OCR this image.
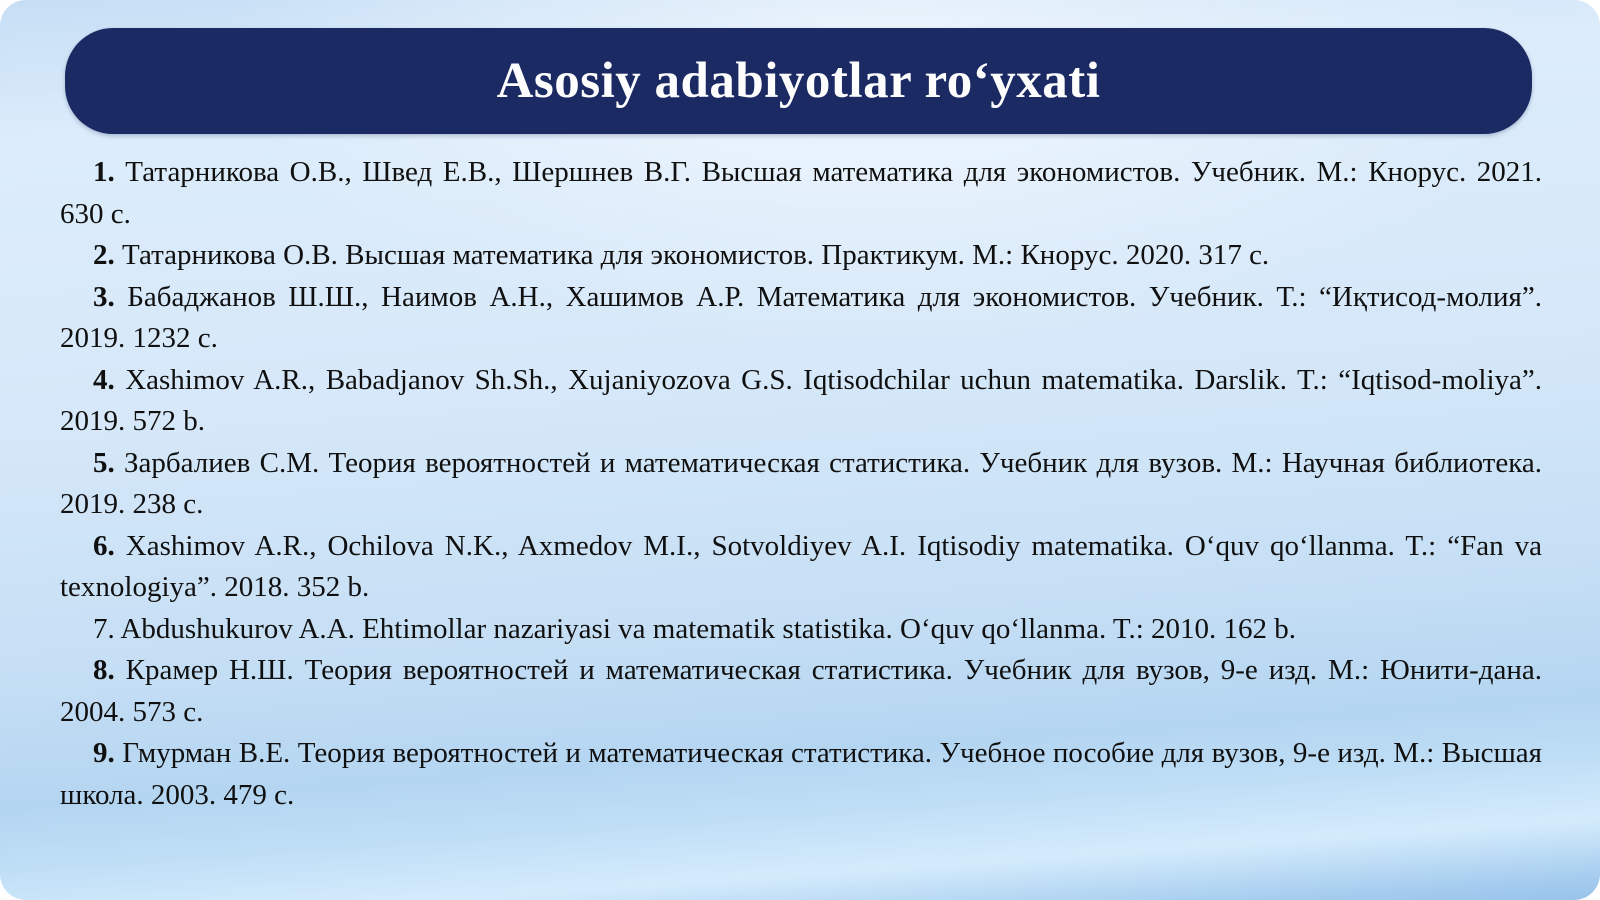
Asosiy adabiyotlar ro‘yxati

1. Татарникова О.В., Швед Е.В., Шершнев В.Г. Высшая математика для экономистов. Учебник. М.: Кнорус. 2021. 630 с.

2. Татарникова О.В. Высшая математика для экономистов. Практикум. М.: Кнорус. 2020. 317 с.

3. Бабаджанов Ш.Ш., Наимов А.Н., Хашимов А.Р. Математика для экономистов. Учебник. Т.: “Иқтисод-молия”. 2019. 1232 с.

4. Xashimov A.R., Babadjanov Sh.Sh., Xujaniyozova G.S. Iqtisodchilar uchun matematika. Darslik. T.: “Iqtisod-moliya”. 2019. 572 b.

5. Зарбалиев С.М. Теория вероятностей и математическая статистика. Учебник для вузов. М.: Научная библиотека. 2019. 238 с.

6. Xashimov A.R., Ochilova N.K., Axmedov M.I., Sotvoldiyev A.I. Iqtisodiy matematika. O‘quv qo‘llanma. T.: “Fan va texnologiya”. 2018. 352 b.

7. Abdushukurov A.A. Ehtimollar nazariyasi va matematik statistika. O‘quv qo‘llanma. T.: 2010. 162 b.

8. Крамер Н.Ш. Теория вероятностей и математическая статистика. Учебник для вузов, 9-е изд. М.: Юнити-дана. 2004. 573 с.

9. Гмурман В.Е. Теория вероятностей и математическая статистика. Учебное пособие для вузов, 9-е изд. М.: Высшая школа. 2003. 479 с.
